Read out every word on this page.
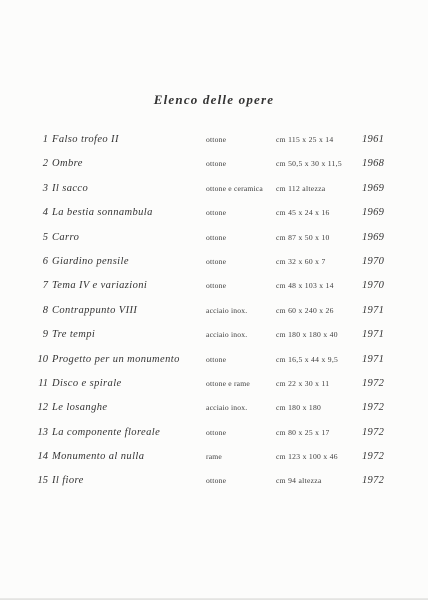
Elenco delle opere
1 Falso trofeo II	ottone	cm 115 x 25 x 14	1961
2 Ombre	ottone	cm 50,5 x 30 x 11,5 1968
3 Il sacco	ottone e ceramica cm 112 altezza	1969
4 La bestia sonnambula	ottone	cm 45 x 24 x 16	1969
5 Carro	ottone	cm 87 x 50 x 10	1969
6 Giardino pensile	ottone	cm 32 x 60 x 7	1970
7 Tema IV e variazioni	ottone	cm 48 x 103 x 14	1970
8 Contrappunto VIII	acciaio inox.	cm 60 x 240 x 26	1971
9 Tre tempi	acciaio inox.	cm 180 x 180 x 40 1971
10 Progetto per un monumento	ottone	cm 16,5 x 44 x 9,5 1971
11 Disco e spirale	ottone e rame	cm 22 x 30 x 11	1972
12 Le losanghe	acciaio inox.	cm 180 x 180	1972
13 La componente floreale	ottone	cm 80 x 25 x 17	1972
14 Monumento al nulla	rame	cm 123 x 100 x 46 1972
15 Il fiore	ottone	cm 94 altezza	1972
